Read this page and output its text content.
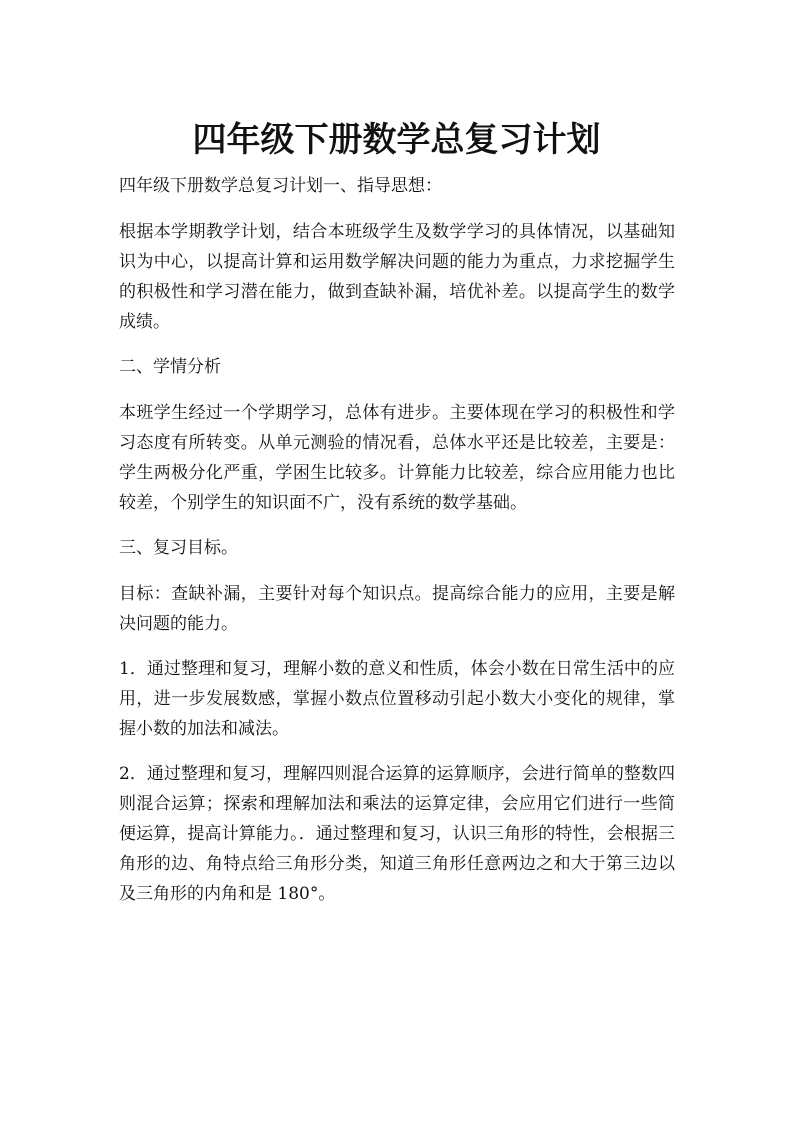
四年级下册数学总复习计划

四年级下册数学总复习计划一、指导思想：

根据本学期教学计划，结合本班级学生及数学学习的具体情况，以基础知识为中心，以提高计算和运用数学解决问题的能力为重点，力求挖掘学生的积极性和学习潜在能力，做到查缺补漏，培优补差。以提高学生的数学成绩。

二、学情分析

本班学生经过一个学期学习，总体有进步。主要体现在学习的积极性和学习态度有所转变。从单元测验的情况看，总体水平还是比较差，主要是：学生两极分化严重，学困生比较多。计算能力比较差，综合应用能力也比较差，个别学生的知识面不广，没有系统的数学基础。

三、复习目标。

目标：查缺补漏，主要针对每个知识点。提高综合能力的应用，主要是解决问题的能力。

1．通过整理和复习，理解小数的意义和性质，体会小数在日常生活中的应用，进一步发展数感，掌握小数点位置移动引起小数大小变化的规律，掌握小数的加法和减法。

2．通过整理和复习，理解四则混合运算的运算顺序，会进行简单的整数四则混合运算；探索和理解加法和乘法的运算定律，会应用它们进行一些简便运算，提高计算能力。．通过整理和复习，认识三角形的特性，会根据三角形的边、角特点给三角形分类，知道三角形任意两边之和大于第三边以及三角形的内角和是 180°。
